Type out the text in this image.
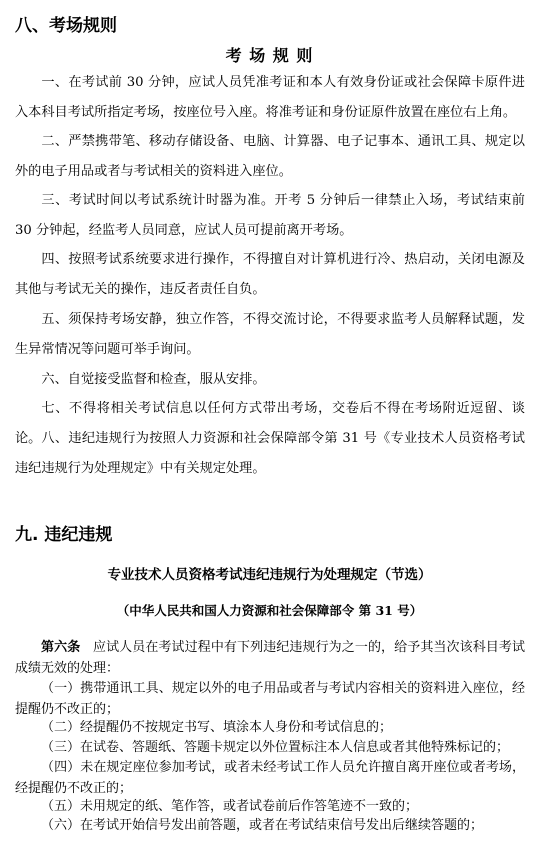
八、考场规则
考 场 规 则

一、在考试前 30 分钟，应试人员凭准考证和本人有效身份证或社会保障卡原件进入本科目考试所指定考场，按座位号入座。将准考证和身份证原件放置在座位右上角。

二、严禁携带笔、移动存储设备、电脑、计算器、电子记事本、通讯工具、规定以外的电子用品或者与考试相关的资料进入座位。

三、考试时间以考试系统计时器为准。开考 5 分钟后一律禁止入场，考试结束前 30 分钟起，经监考人员同意，应试人员可提前离开考场。

四、按照考试系统要求进行操作，不得擅自对计算机进行冷、热启动，关闭电源及其他与考试无关的操作，违反者责任自负。

五、须保持考场安静，独立作答，不得交流讨论，不得要求监考人员解释试题，发生异常情况等问题可举手询问。

六、自觉接受监督和检查，服从安排。

七、不得将相关考试信息以任何方式带出考场，交卷后不得在考场附近逗留、谈论。 八、违纪违规行为按照人力资源和社会保障部令第 31 号《专业技术人员资格考试违纪违规行为处理规定》中有关规定处理。

九. 违纪违规
专业技术人员资格考试违纪违规行为处理规定（节选）
（中华人民共和国人力资源和社会保障部令 第 31 号）

第六条 应试人员在考试过程中有下列违纪违规行为之一的，给予其当次该科目考试成绩无效的处理：

（一）携带通讯工具、规定以外的电子用品或者与考试内容相关的资料进入座位，经提醒仍不改正的；

（二）经提醒仍不按规定书写、填涂本人身份和考试信息的；

（三）在试卷、答题纸、答题卡规定以外位置标注本人信息或者其他特殊标记的；

（四）未在规定座位参加考试，或者未经考试工作人员允许擅自离开座位或者考场，经提醒仍不改正的；

（五）未用规定的纸、笔作答，或者试卷前后作答笔迹不一致的；

（六）在考试开始信号发出前答题，或者在考试结束信号发出后继续答题的；
